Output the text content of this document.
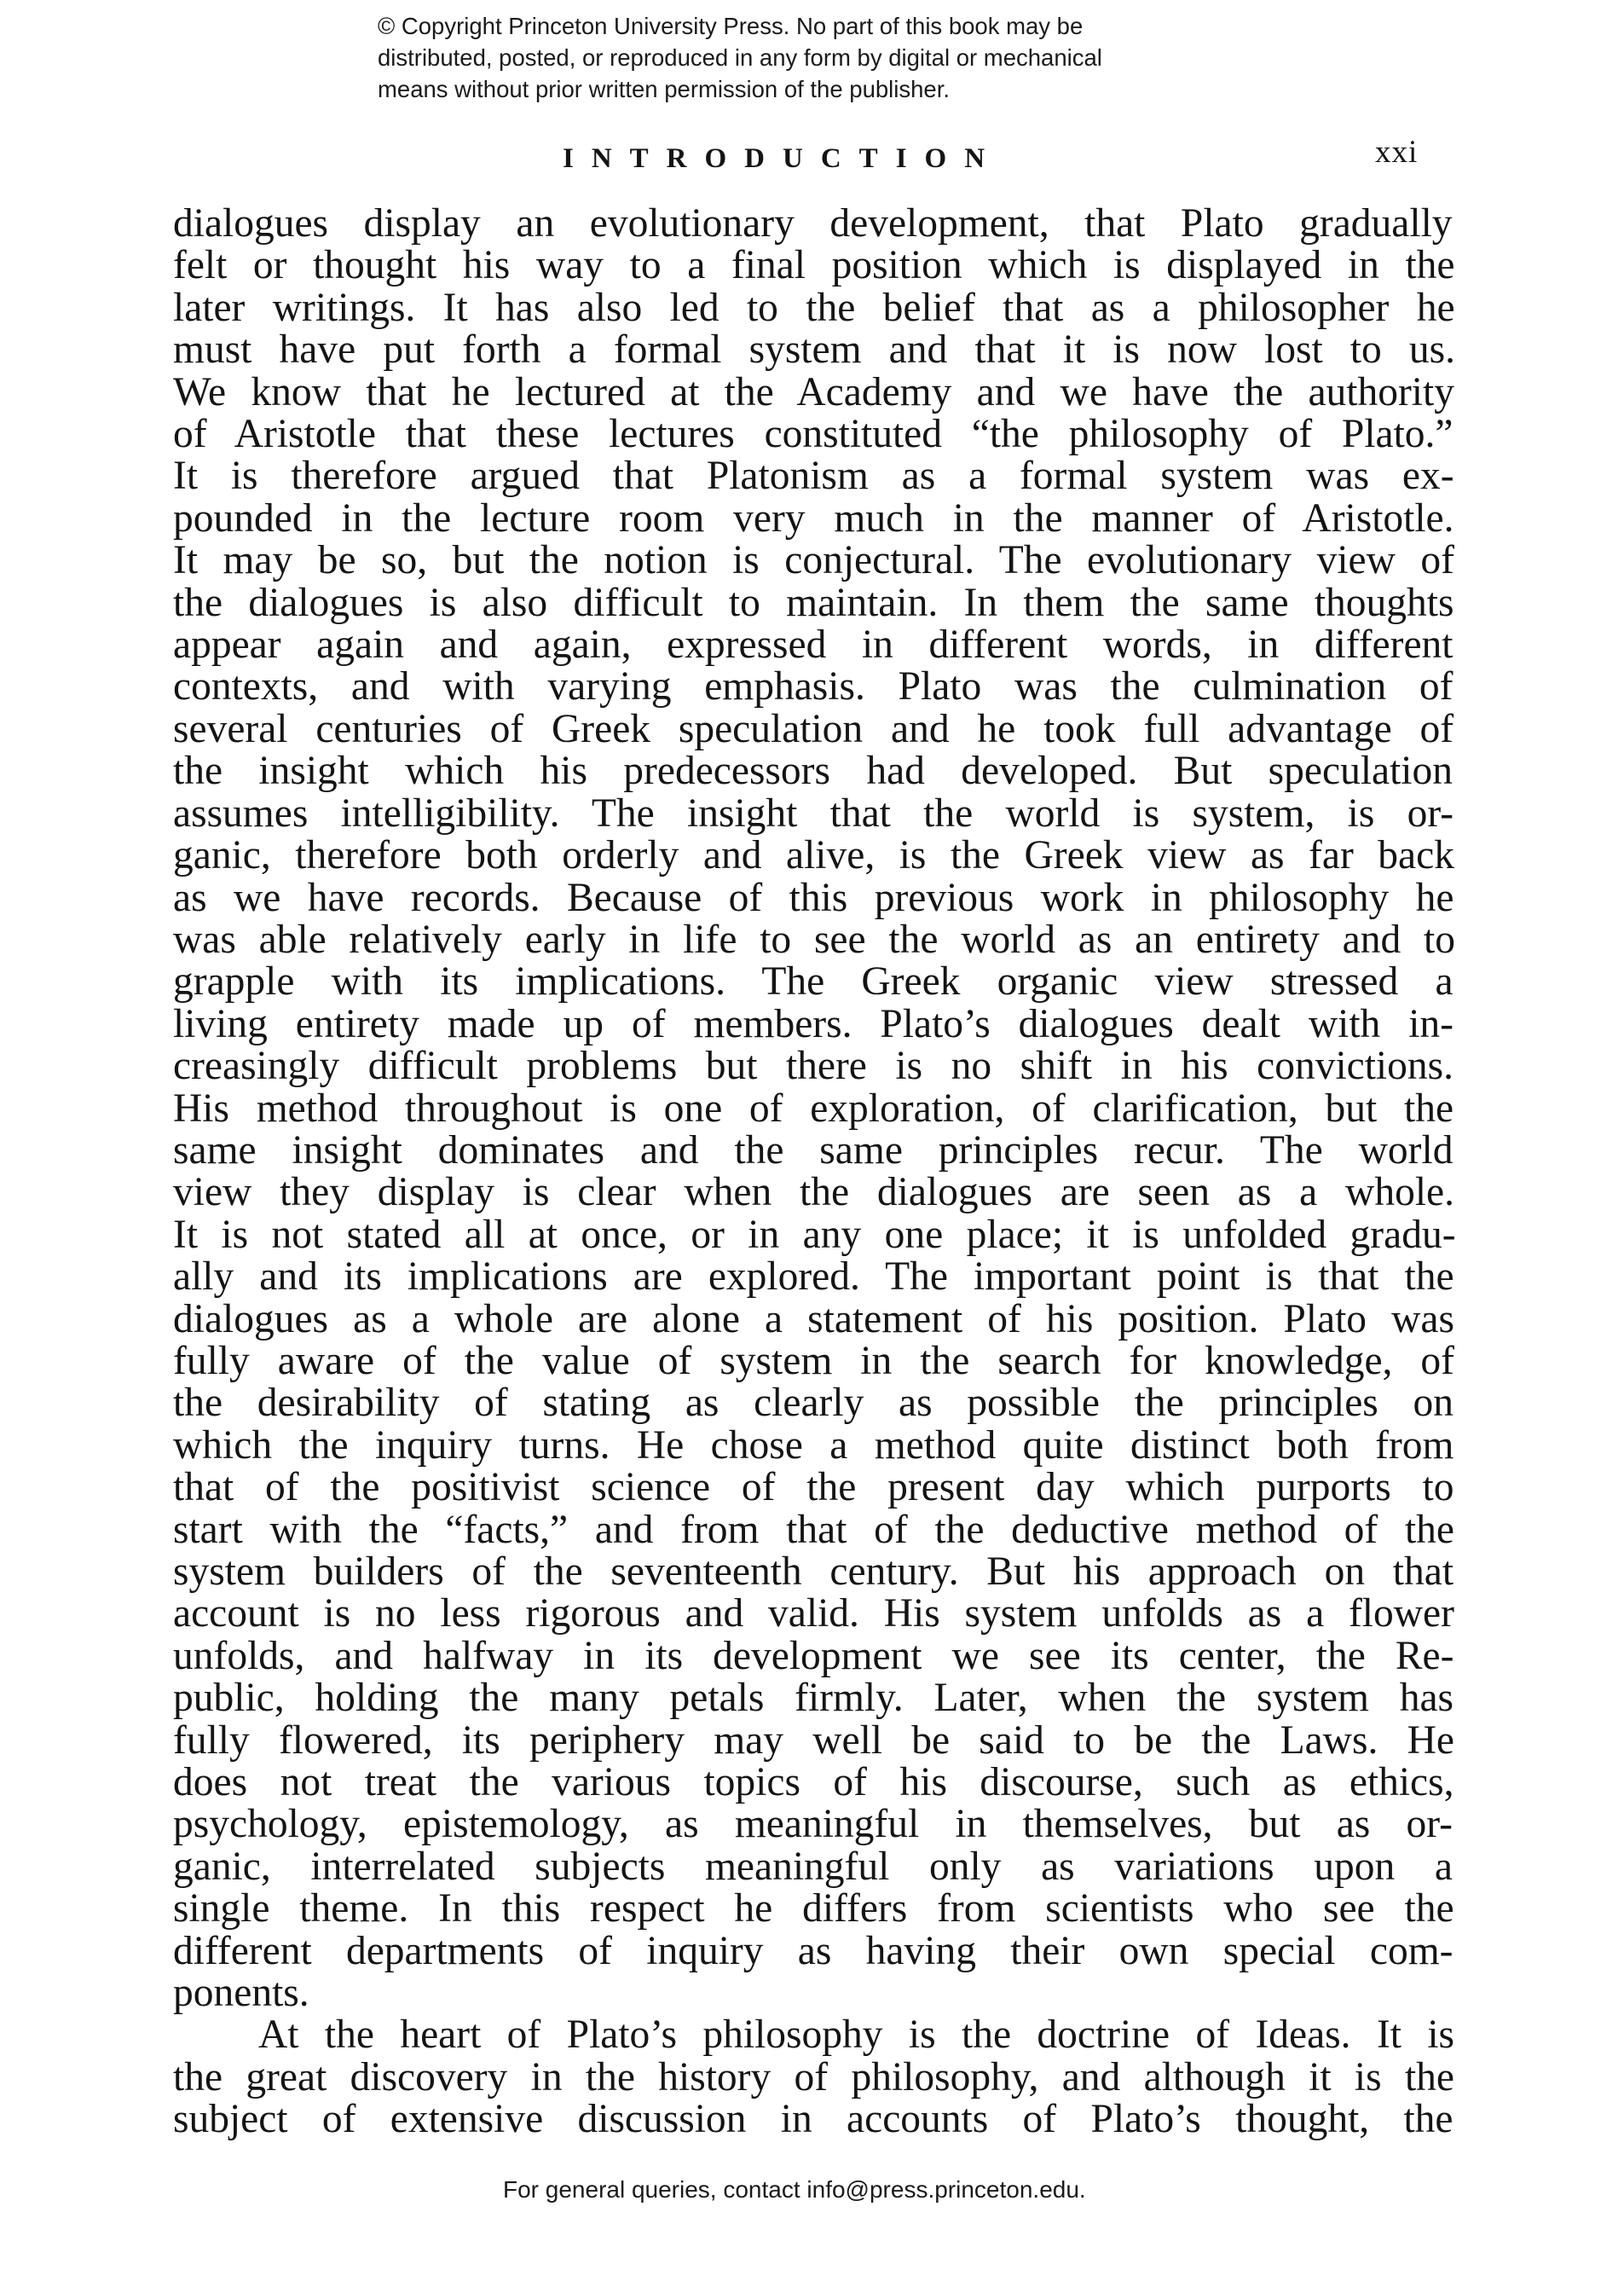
© Copyright Princeton University Press. No part of this book may be
distributed, posted, or reproduced in any form by digital or mechanical
means without prior written permission of the publisher.
INTRODUCTION	xxi
dialogues display an evolutionary development, that Plato gradually
felt or thought his way to a final position which is displayed in the
later writings. It has also led to the belief that as a philosopher he
must have put forth a formal system and that it is now lost to us.
We know that he lectured at the Academy and we have the authority
of Aristotle that these lectures constituted “the philosophy of Plato.”
It is therefore argued that Platonism as a formal system was ex-
pounded in the lecture room very much in the manner of Aristotle.
It may be so, but the notion is conjectural. The evolutionary view of
the dialogues is also difficult to maintain. In them the same thoughts
appear again and again, expressed in different words, in different
contexts, and with varying emphasis. Plato was the culmination of
several centuries of Greek speculation and he took full advantage of
the insight which his predecessors had developed. But speculation
assumes intelligibility. The insight that the world is system, is or-
ganic, therefore both orderly and alive, is the Greek view as far back
as we have records. Because of this previous work in philosophy he
was able relatively early in life to see the world as an entirety and to
grapple with its implications. The Greek organic view stressed a
living entirety made up of members. Plato’s dialogues dealt with in-
creasingly difficult problems but there is no shift in his convictions.
His method throughout is one of exploration, of clarification, but the
same insight dominates and the same principles recur. The world
view they display is clear when the dialogues are seen as a whole.
It is not stated all at once, or in any one place; it is unfolded gradu-
ally and its implications are explored. The important point is that the
dialogues as a whole are alone a statement of his position. Plato was
fully aware of the value of system in the search for knowledge, of
the desirability of stating as clearly as possible the principles on
which the inquiry turns. He chose a method quite distinct both from
that of the positivist science of the present day which purports to
start with the “facts,” and from that of the deductive method of the
system builders of the seventeenth century. But his approach on that
account is no less rigorous and valid. His system unfolds as a flower
unfolds, and halfway in its development we see its center, the Re-
public, holding the many petals firmly. Later, when the system has
fully flowered, its periphery may well be said to be the Laws. He
does not treat the various topics of his discourse, such as ethics,
psychology, epistemology, as meaningful in themselves, but as or-
ganic, interrelated subjects meaningful only as variations upon a
single theme. In this respect he differs from scientists who see the
different departments of inquiry as having their own special com-
ponents.
At the heart of Plato’s philosophy is the doctrine of Ideas. It is
the great discovery in the history of philosophy, and although it is the
subject of extensive discussion in accounts of Plato’s thought, the
For general queries, contact info@press.princeton.edu.
